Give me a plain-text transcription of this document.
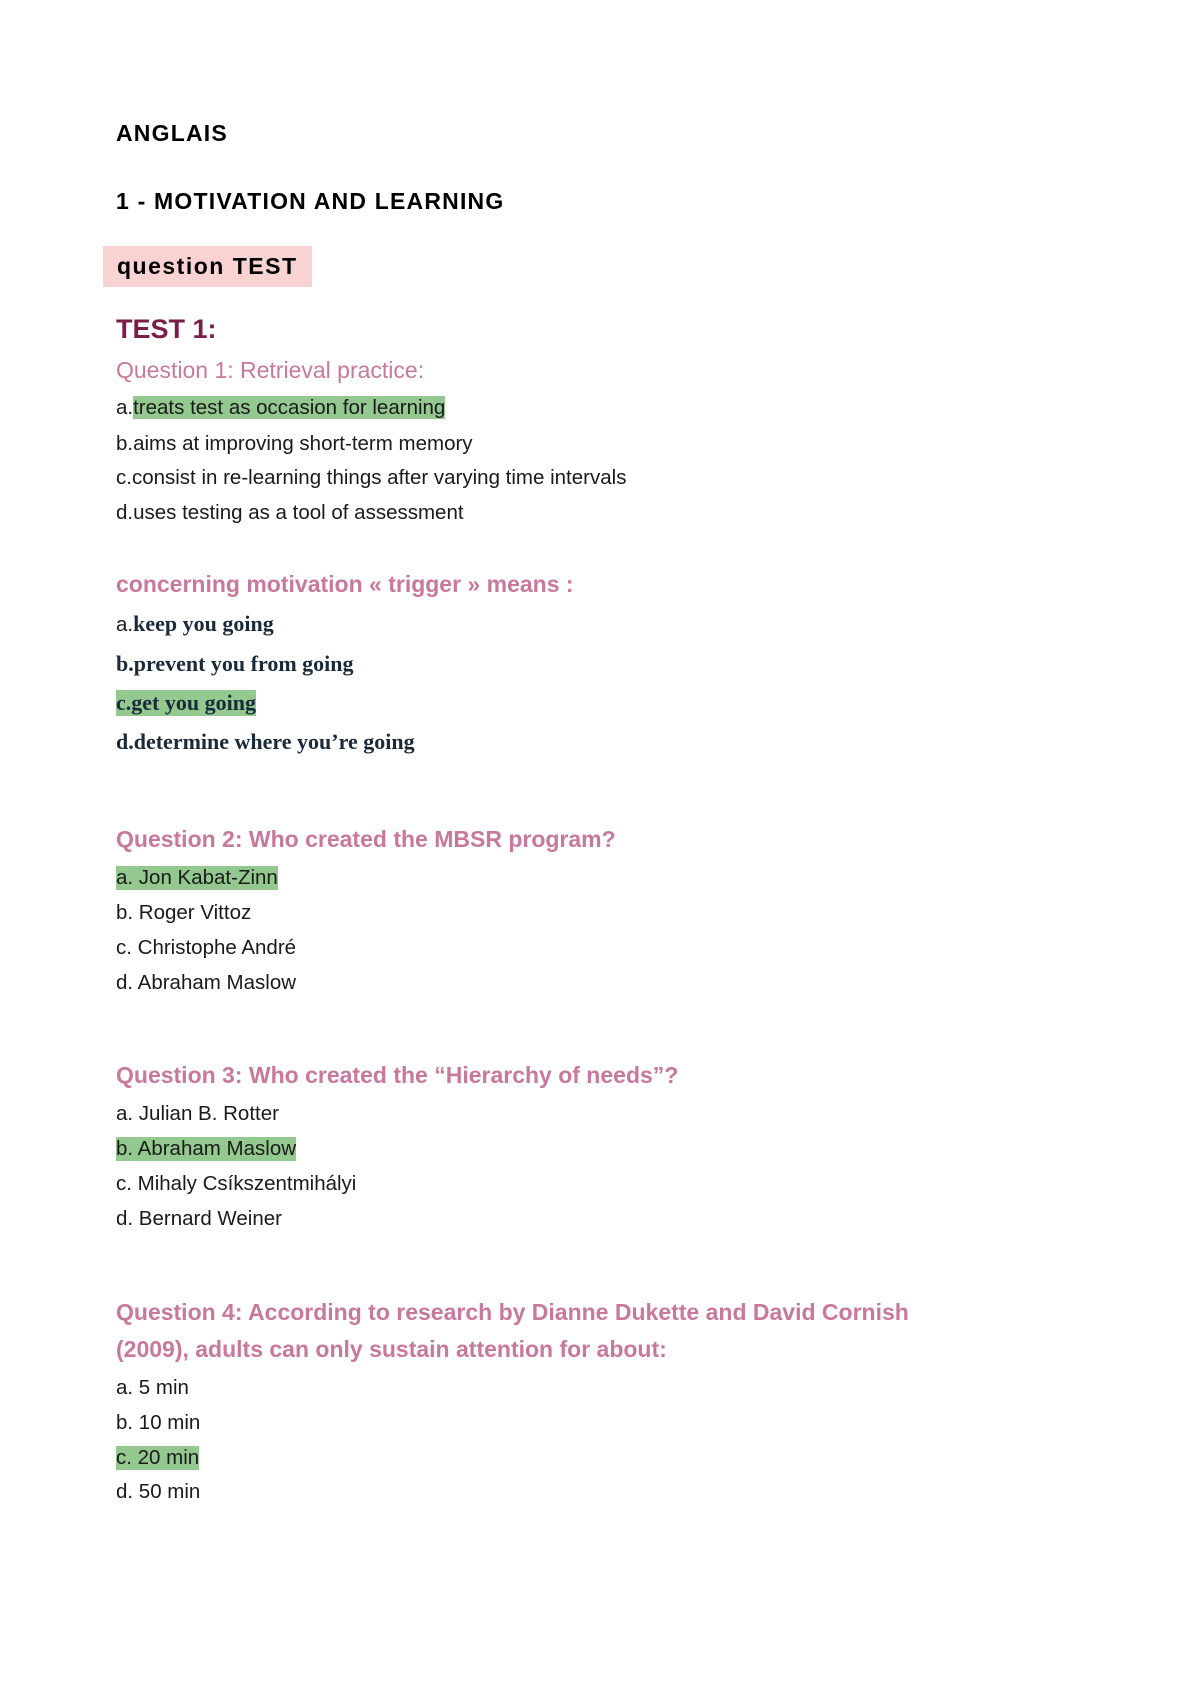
ANGLAIS
1 - MOTIVATION AND LEARNING
question TEST
TEST 1:
Question 1: Retrieval practice:
a.treats test as occasion for learning
b.aims at improving short-term memory
c.consist in re-learning things after varying time intervals
d.uses testing as a tool of assessment
concerning motivation « trigger » means :
a.keep you going
b.prevent you from going
c.get you going
d.determine where you’re going
Question 2: Who created the MBSR program?
a. Jon Kabat-Zinn
b. Roger Vittoz
c. Christophe André
d. Abraham Maslow
Question 3: Who created the “Hierarchy of needs”?
a. Julian B. Rotter
b. Abraham Maslow
c. Mihaly Csíkszentmihályi
d. Bernard Weiner
Question 4: According to research by Dianne Dukette and David Cornish
(2009), adults can only sustain attention for about:
a. 5 min
b. 10 min
c. 20 min
d. 50 min
